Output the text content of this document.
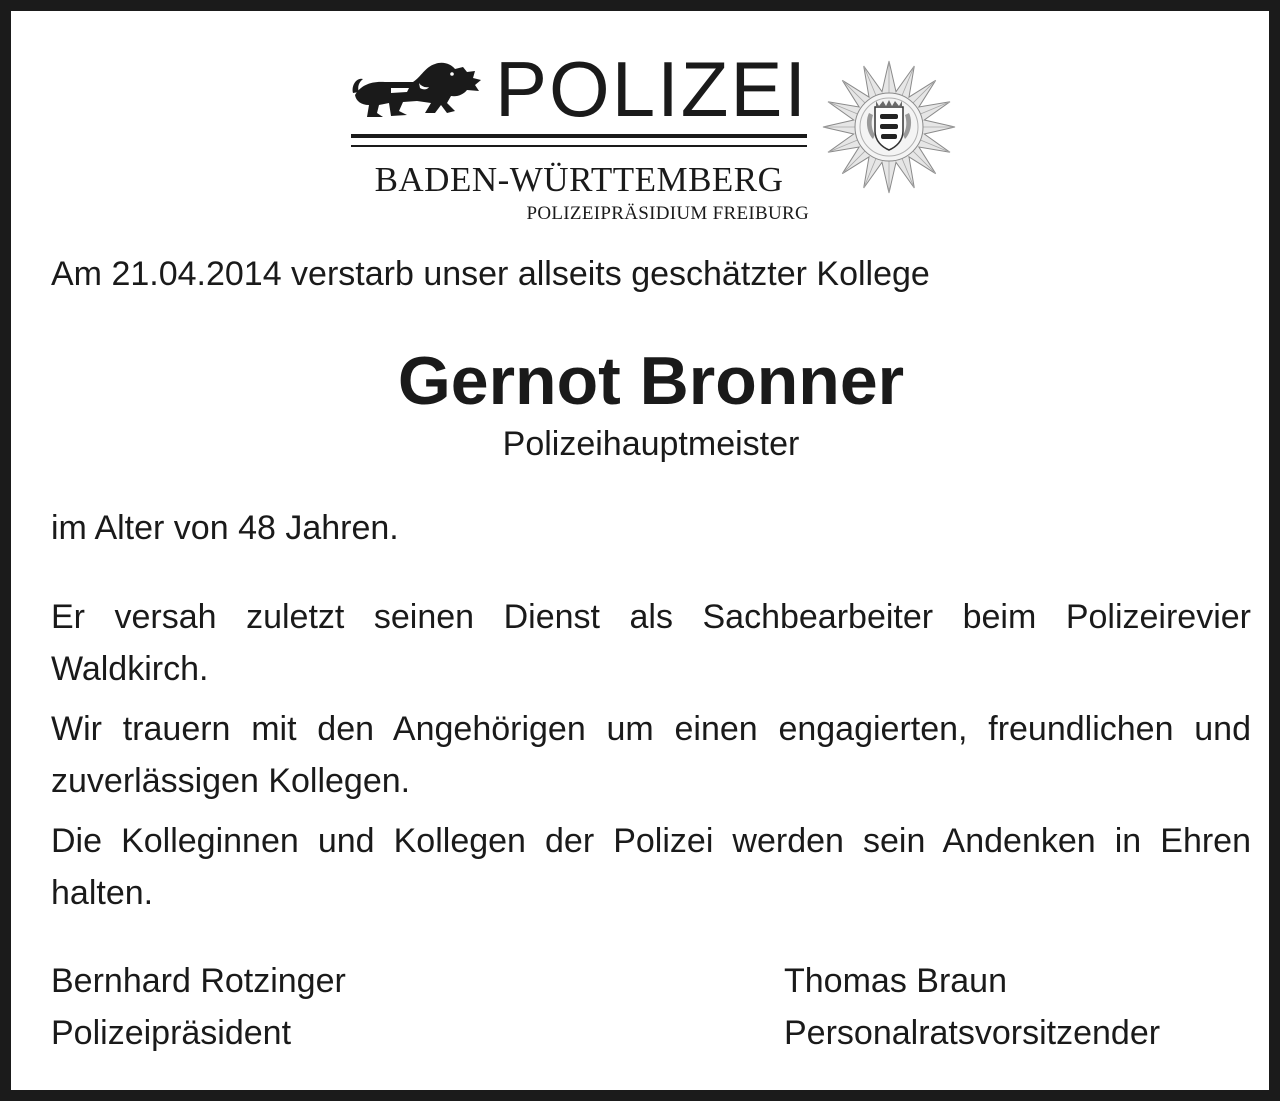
POLIZEI
BADEN-WÜRTTEMBERG
POLIZEIPRÄSIDIUM FREIBURG
Am 21.04.2014 verstarb unser allseits geschätzter Kollege
Gernot Bronner
Polizeihauptmeister
im Alter von 48 Jahren.
Er versah zuletzt seinen Dienst als Sachbearbeiter beim Polizeirevier Waldkirch.
Wir trauern mit den Angehörigen um einen engagierten, freundlichen und zuverlässigen Kollegen.
Die Kolleginnen und Kollegen der Polizei werden sein Andenken in Ehren halten.
Bernhard Rotzinger
Polizeipräsident
Thomas Braun
Personalratsvorsitzender
